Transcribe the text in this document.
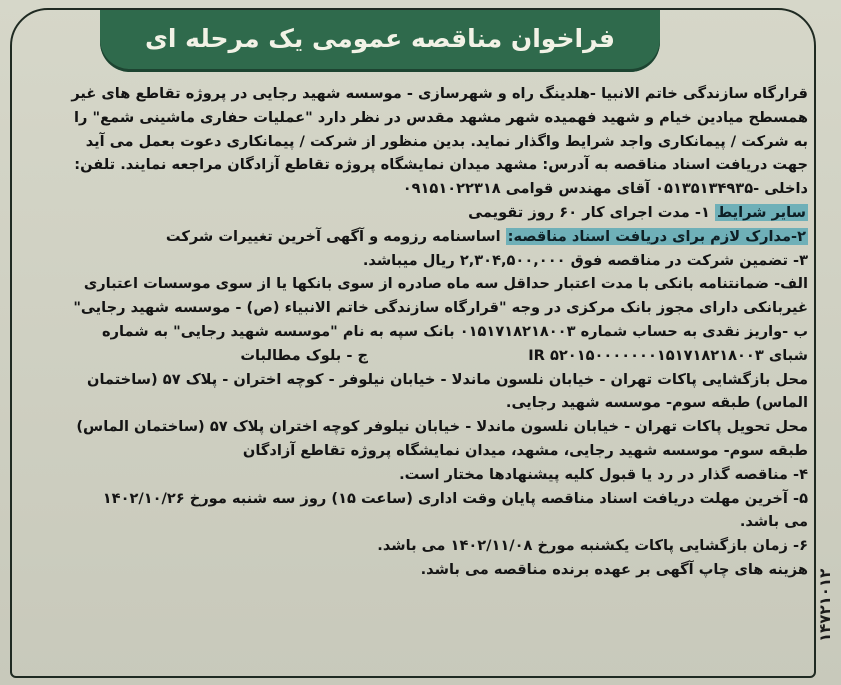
فراخوان مناقصه عمومی یک مرحله ای
قرارگاه سازندگی خاتم الانبیا -هلدینگ راه و شهرسازی - موسسه شهید رجایی در پروژه تقاطع های غیر
همسطح میادین خیام و شهید فهمیده شهر مشهد مقدس در نظر دارد "عملیات حفاری ماشینی شمع" را
به شرکت / پیمانکاری واجد شرایط واگذار نماید. بدین منظور از شرکت / پیمانکاری دعوت بعمل می آید
جهت دریافت اسناد مناقصه به آدرس: مشهد میدان نمایشگاه پروژه تقاطع آزادگان مراجعه نمایند. تلفن:
داخلی -۰۵۱۳۵۱۳۴۹۳۵ آقای مهندس قوامی ۰۹۱۵۱۰۲۲۳۱۸
سایر شرایط ۱- مدت اجرای کار ۶۰ روز تقویمی
۲-مدارک لازم برای دریافت اسناد مناقصه: اساسنامه رزومه و آگهی آخرین تغییرات شرکت
۳- تضمین شرکت در مناقصه فوق ۲,۳۰۴,۵۰۰,۰۰۰ ریال میباشد.
الف- ضمانتنامه بانکی با مدت اعتبار حداقل سه ماه صادره از سوی بانکها یا از سوی موسسات اعتباری
غیربانکی دارای مجوز بانک مرکزی در وجه "قرارگاه سازندگی خاتم الانبیاء (ص) - موسسه شهید رجایی"
ب -واریز نقدی به حساب شماره ۰۱۵۱۷۱۸۲۱۸۰۰۳ بانک سپه به نام "موسسه شهید رجایی" به شماره
شبای IR ۵۲۰۱۵۰۰۰۰۰۰۰۱۵۱۷۱۸۲۱۸۰۰۳  ج - بلوک مطالبات
محل بازگشایی پاکات تهران - خیابان نلسون ماندلا - خیابان نیلوفر - کوچه اختران - پلاک ۵۷ (ساختمان
الماس) طبقه سوم- موسسه شهید رجایی.
محل تحویل پاکات تهران - خیابان نلسون ماندلا - خیابان نیلوفر کوچه اختران پلاک ۵۷ (ساختمان الماس)
طبقه سوم- موسسه شهید رجایی، مشهد، میدان نمایشگاه پروژه تقاطع آزادگان
۴- مناقصه گذار در رد یا قبول کلیه پیشنهادها مختار است.
۵- آخرین مهلت دریافت اسناد مناقصه پایان وقت اداری (ساعت ۱۵) روز سه شنبه مورخ ۱۴۰۲/۱۰/۲۶
می باشد.
۶- زمان بازگشایی پاکات یکشنبه مورخ ۱۴۰۲/۱۱/۰۸ می باشد.
هزینه های چاپ آگهی بر عهده برنده مناقصه می باشد. ۱۴۷۲۱۰۱۲
